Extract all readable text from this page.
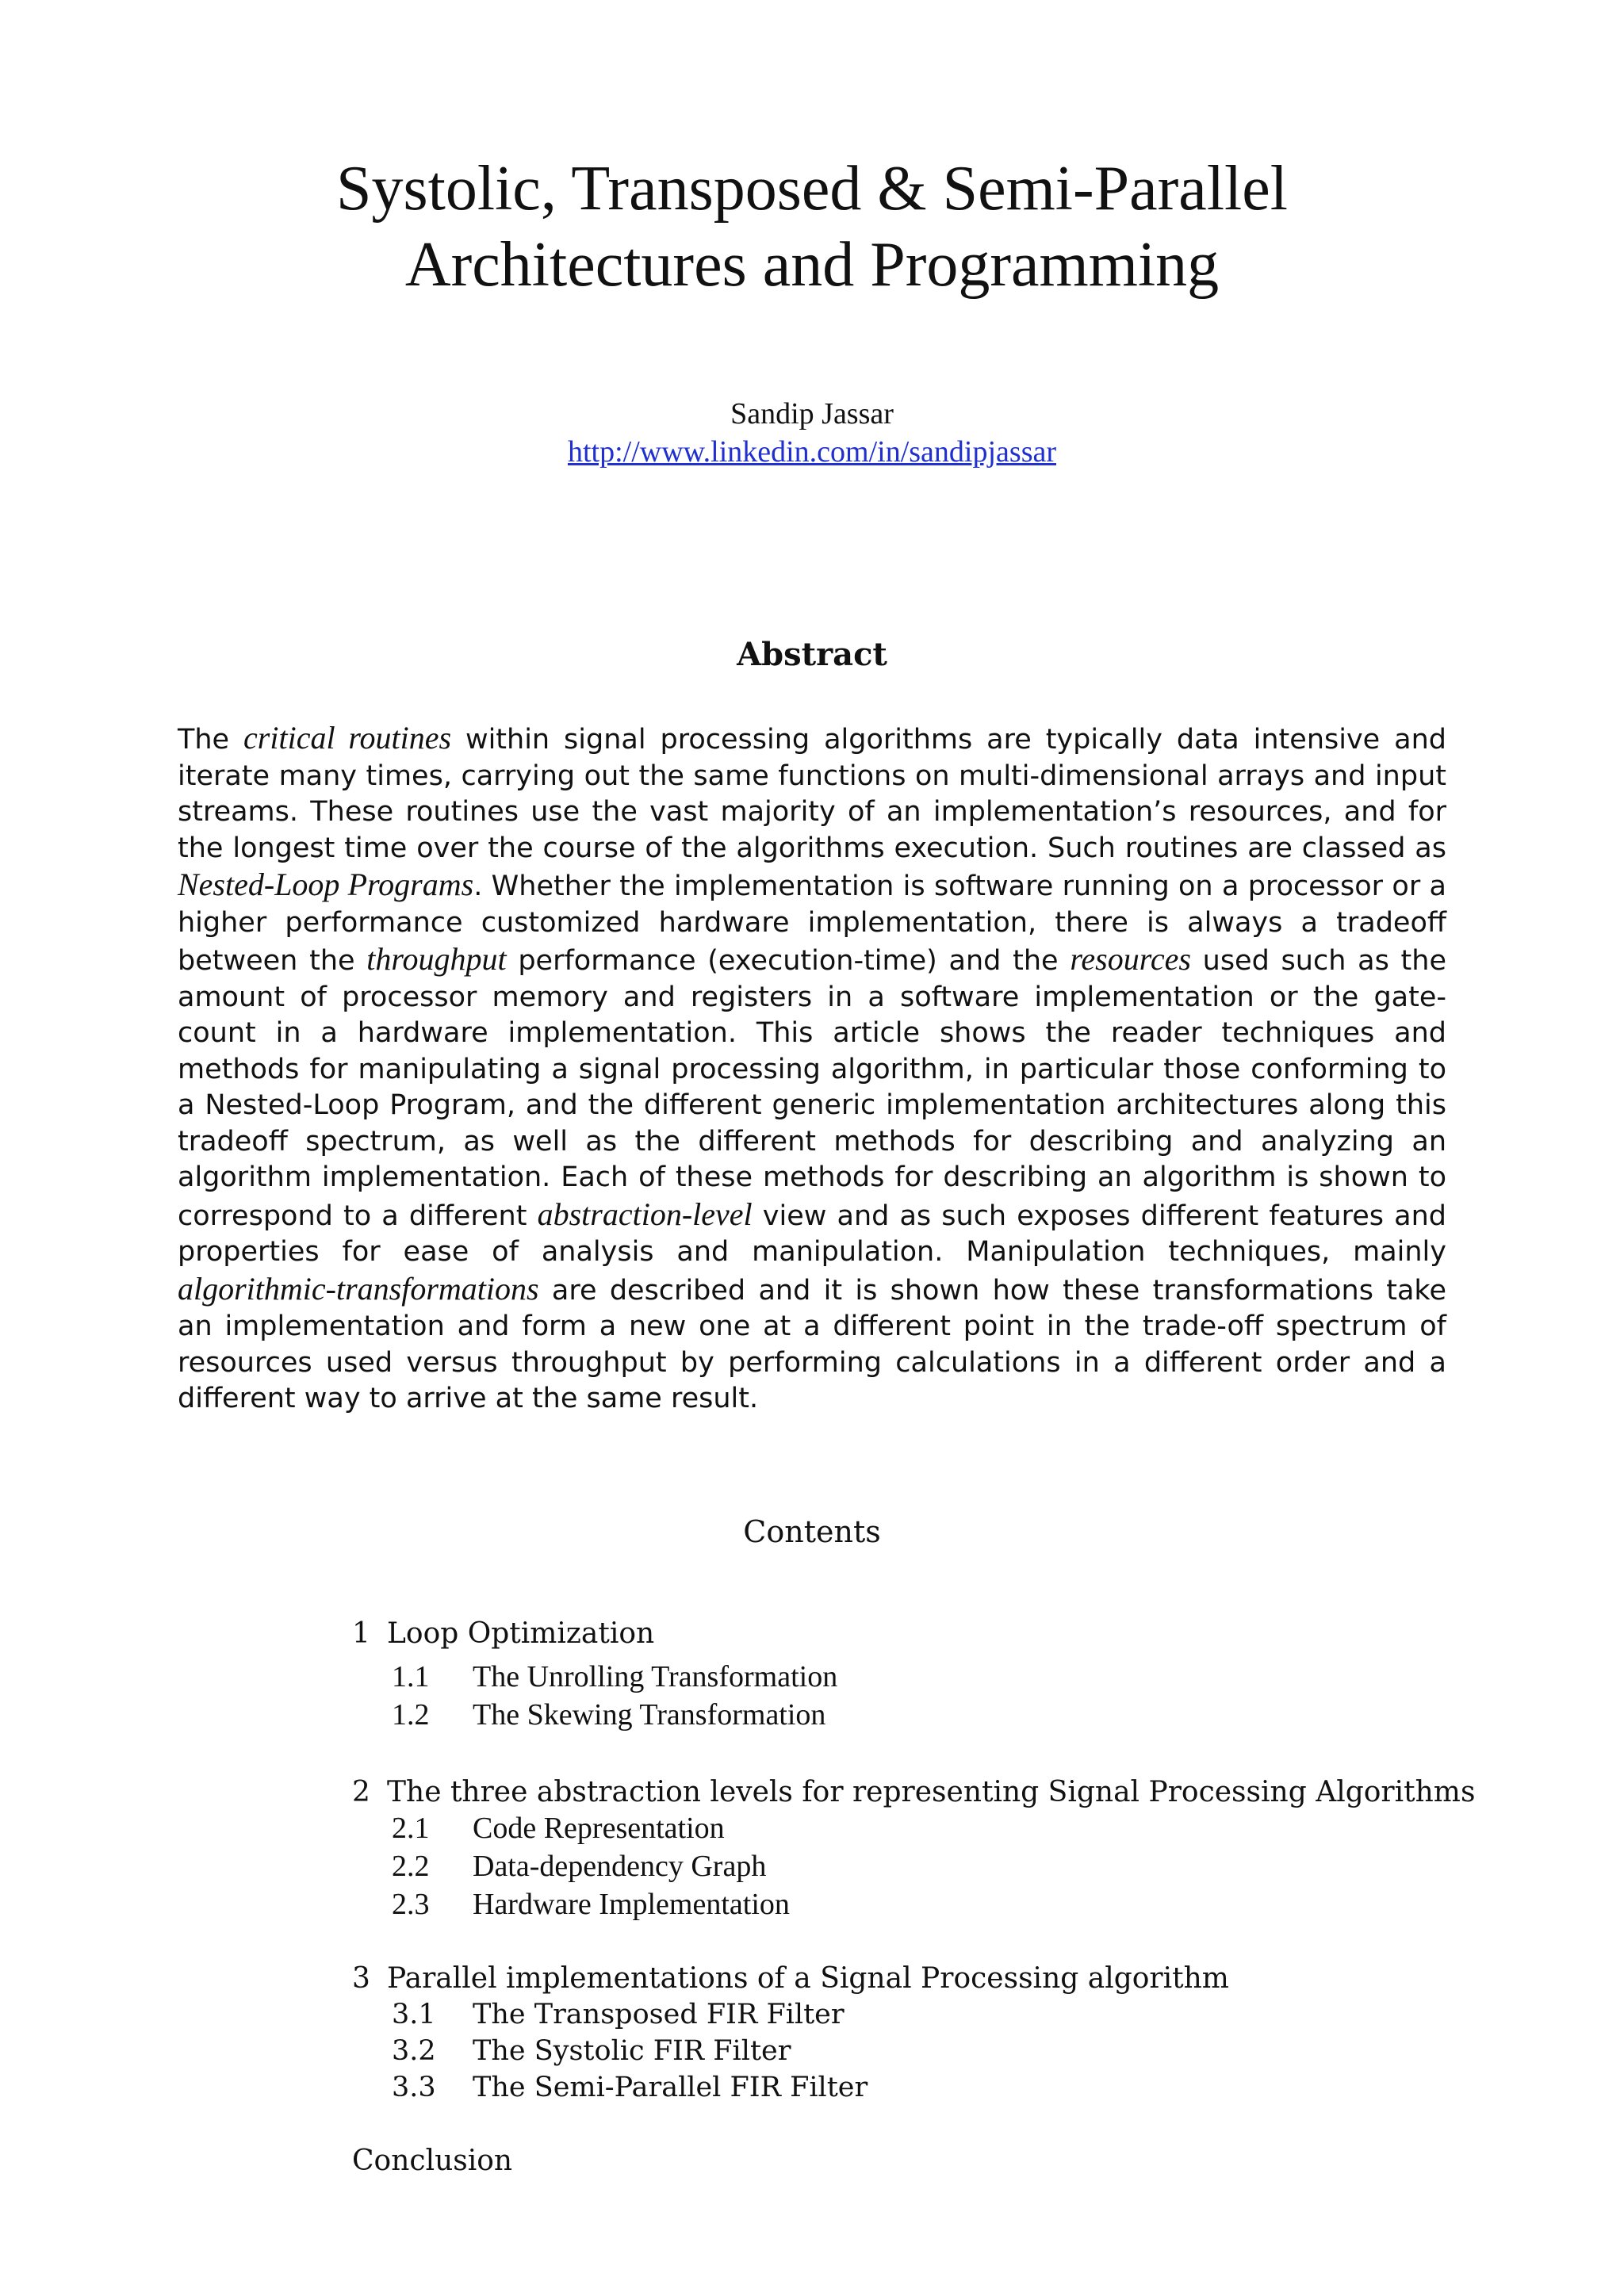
Systolic, Transposed & Semi-Parallel
Architectures and Programming
Sandip Jassar
http://www.linkedin.com/in/sandipjassar
Abstract

The critical routines within signal processing algorithms are typically data intensive and iterate many times, carrying out the same functions on multi-dimensional arrays and input streams. These routines use the vast majority of an implementation’s resources, and for the longest time over the course of the algorithms execution. Such routines are classed as Nested-Loop Programs. Whether the implementation is software running on a processor or a higher performance customized hardware implementation, there is always a tradeoff between the throughput performance (execution-time) and the resources used such as the amount of processor memory and registers in a software implementation or the gate-count in a hardware implementation. This article shows the reader techniques and methods for manipulating a signal processing algorithm, in particular those conforming to a Nested-Loop Program, and the different generic implementation architectures along this tradeoff spectrum, as well as the different methods for describing and analyzing an algorithm implementation. Each of these methods for describing an algorithm is shown to correspond to a different abstraction-level view and as such exposes different features and properties for ease of analysis and manipulation. Manipulation techniques, mainly algorithmic-transformations are described and it is shown how these transformations take an implementation and form a new one at a different point in the trade-off spectrum of resources used versus throughput by performing calculations in a different order and a different way to arrive at the same result.

Contents
1 Loop Optimization
1.1 The Unrolling Transformation
1.2 The Skewing Transformation
2 The three abstraction levels for representing Signal Processing Algorithms
2.1 Code Representation
2.2 Data-dependency Graph
2.3 Hardware Implementation
3 Parallel implementations of a Signal Processing algorithm
3.1 The Transposed FIR Filter
3.2 The Systolic FIR Filter
3.3 The Semi-Parallel FIR Filter
Conclusion
